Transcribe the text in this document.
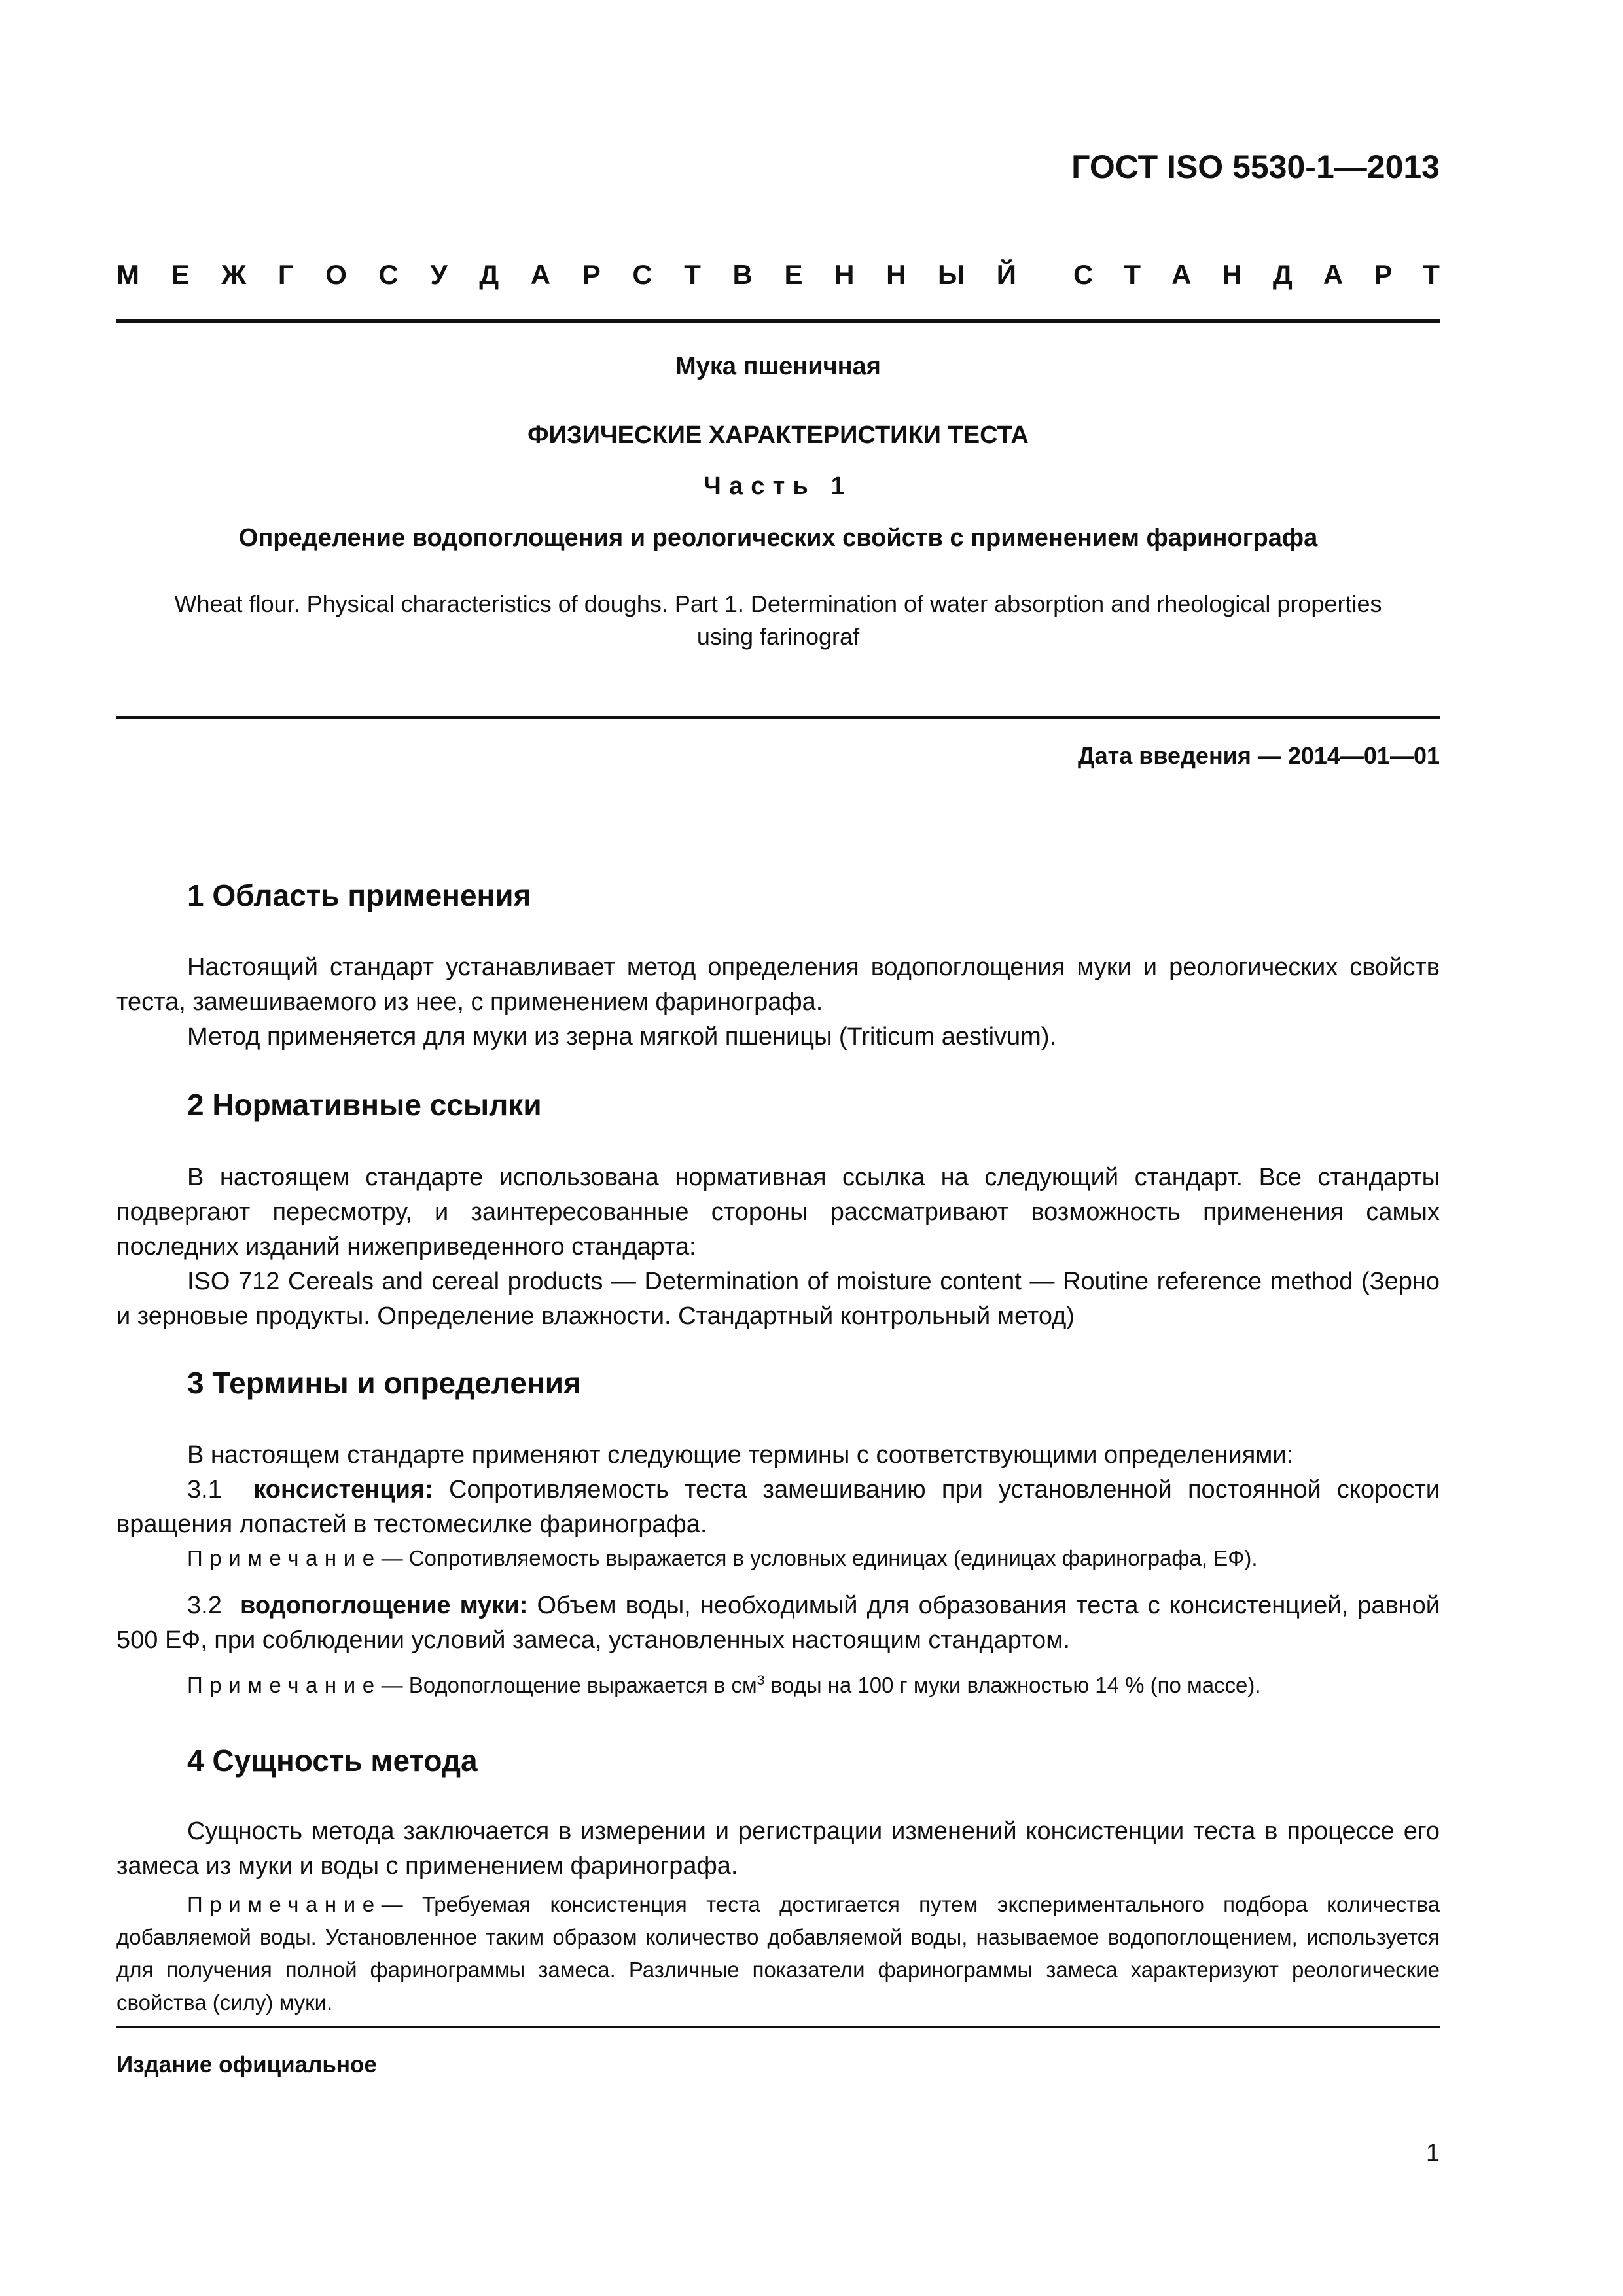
ГОСТ ISO 5530-1—2013
М Е Ж Г О С У Д А Р С Т В Е Н Н Ы Й С Т А Н Д А Р Т
Мука пшеничная
ФИЗИЧЕСКИЕ ХАРАКТЕРИСТИКИ ТЕСТА
Часть 1
Определение водопоглощения и реологических свойств с применением фаринографа
Wheat flour. Physical characteristics of doughs. Part 1. Determination of water absorption and rheological properties
using farinograf
Дата введения — 2014—01—01
1 Область применения

Настоящий стандарт устанавливает метод определения водопоглощения муки и реологических свойств теста, замешиваемого из нее, с применением фаринографа.

Метод применяется для муки из зерна мягкой пшеницы (Triticum aestivum).

2 Нормативные ссылки

В настоящем стандарте использована нормативная ссылка на следующий стандарт. Все стандарты подвергают пересмотру, и заинтересованные стороны рассматривают возможность применения самых последних изданий нижеприведенного стандарта:

ISO 712 Cereals and cereal products — Determination of moisture content — Routine reference method (Зерно и зерновые продукты. Определение влажности. Стандартный контрольный метод)

3 Термины и определения

В настоящем стандарте применяют следующие термины с соответствующими определениями:

3.1 консистенция: Сопротивляемость теста замешиванию при установленной постоянной скорости вращения лопастей в тестомесилке фаринографа.

Примечание— Сопротивляемость выражается в условных единицах (единицах фаринографа, ЕФ).

3.2 водопоглощение муки: Объем воды, необходимый для образования теста с консистенцией, равной 500 ЕФ, при соблюдении условий замеса, установленных настоящим стандартом.

Примечание— Водопоглощение выражается в $см^3$ воды на 100 г муки влажностью 14 % (по массе).

4 Сущность метода

Сущность метода заключается в измерении и регистрации изменений консистенции теста в процессе его замеса из муки и воды с применением фаринографа.

Примечание— Требуемая консистенция теста достигается путем экспериментального подбора количества добавляемой воды. Установленное таким образом количество добавляемой воды, называемое водопоглощением, используется для получения полной фаринограммы замеса. Различные показатели фаринограммы замеса характеризуют реологические свойства (силу) муки.

Издание официальное
1
